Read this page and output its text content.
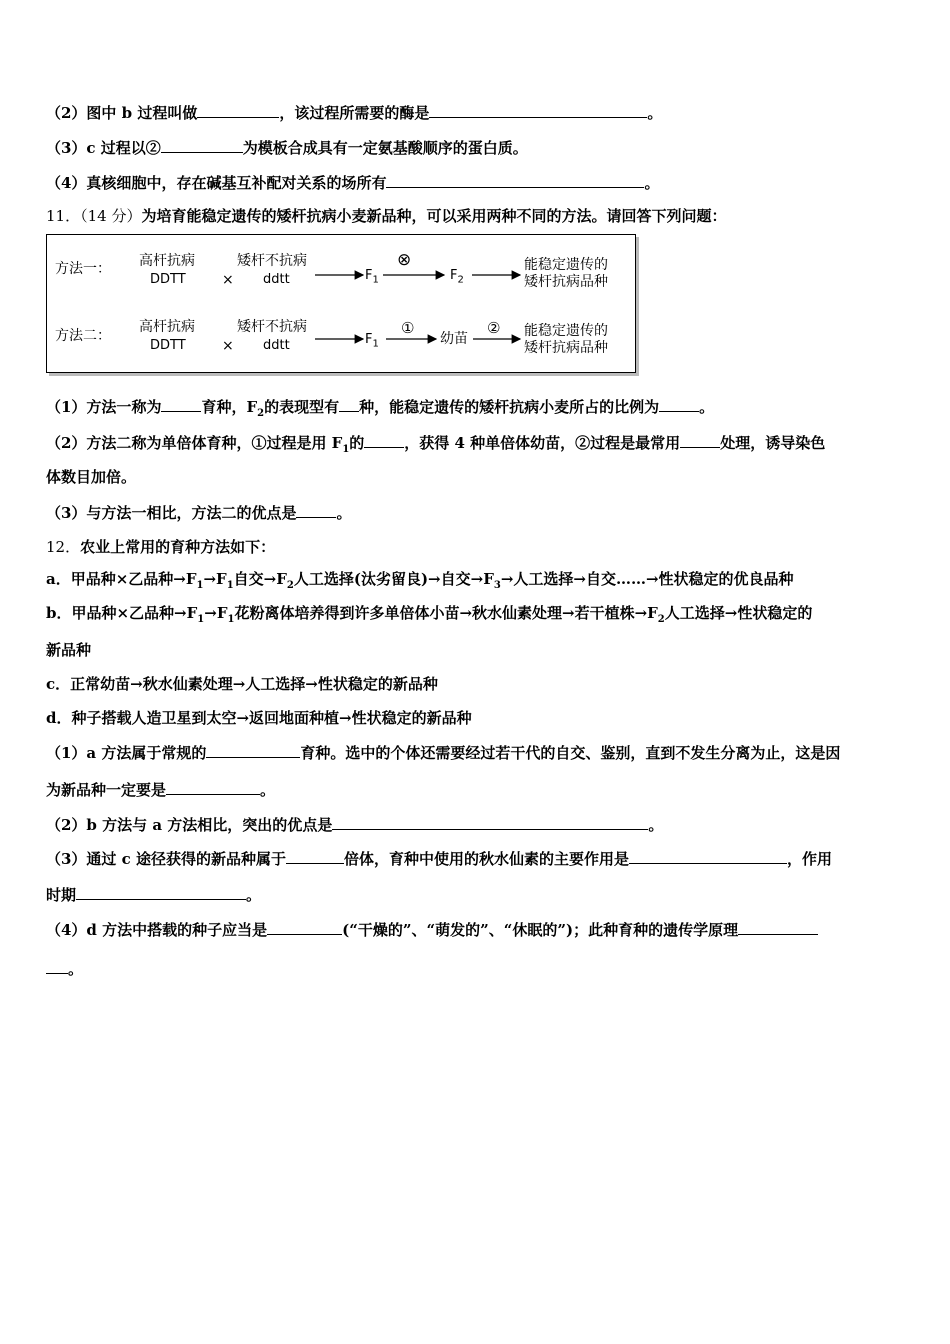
（2）图中 b 过程叫做	，该过程所需要的酶是	。
（3）c 过程以②	为模板合成具有一定氨基酸顺序的蛋白质。
（4）真核细胞中，存在碱基互补配对关系的场所有	。
11．（14 分）为培育能稳定遗传的矮杆抗病小麦新品种，可以采用两种不同的方法。请回答下列问题：
方法一： 高杆抗病
DDTT	×
矮杆不抗病
ddtt	$F_1$
⊗
$F_2$
能稳定遗传的
矮杆抗病品种
方法二：
高杆抗病
DDTT	×
矮杆不抗病
ddtt	$F_1$
①
幼苗
② 能稳定遗传的
矮杆抗病品种
（1）方法一称为	育种，$F_2$的表现型有 种，能稳定遗传的矮杆抗病小麦所占的比例为	。
（2）方法二称为单倍体育种，①过程是用 $F_1$的	，获得 4 种单倍体幼苗，②过程是最常用	处理，诱导染色
体数目加倍。
（3）与方法一相比，方法二的优点是	。
12．农业上常用的育种方法如下：
a．甲品种×乙品种$\to F_1\to F_1$自交$\to F_2$人工选择(汰劣留良)→自交$\to F_3\to$人工选择→自交……→性状稳定的优良品种
b．甲品种×乙品种$\to F_1\to F_1$花粉离体培养得到许多单倍体小苗→秋水仙素处理→若干植株$\to F_2$人工选择→性状稳定的
新品种
c．正常幼苗→秋水仙素处理→人工选择→性状稳定的新品种
d．种子搭载人造卫星到太空→返回地面种植→性状稳定的新品种
（1）a 方法属于常规的	育种。选中的个体还需要经过若干代的自交、鉴别，直到不发生分离为止，这是因
为新品种一定要是	。
（2）b 方法与 a 方法相比，突出的优点是	。
（3）通过 c 途径获得的新品种属于	倍体，育种中使用的秋水仙素的主要作用是	，作用
时期	。
（4）d 方法中搭载的种子应当是	(“干燥的”、“萌发的”、“休眠的”)；此种育种的遗传学原理
。
